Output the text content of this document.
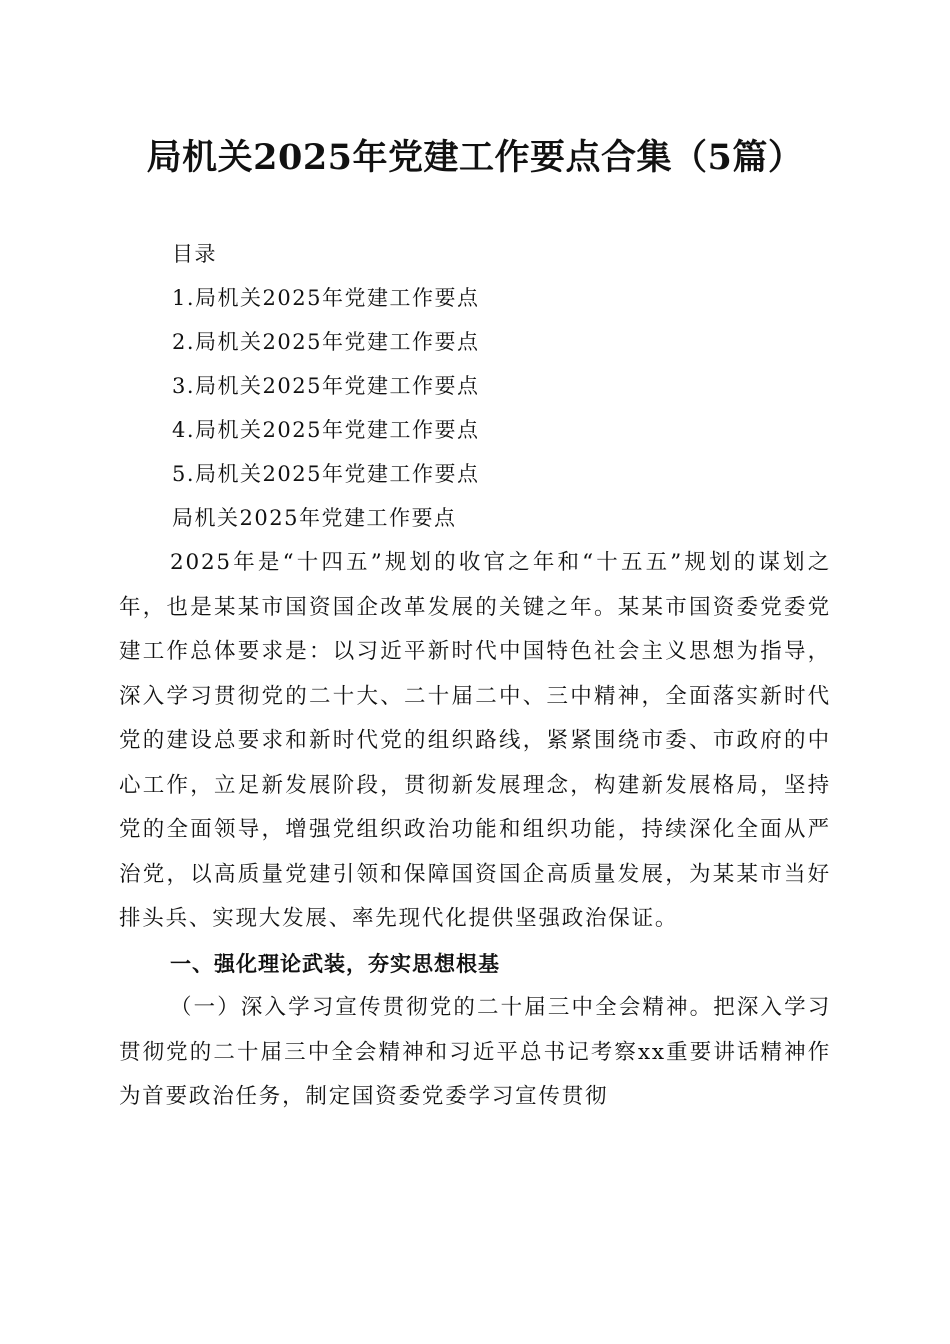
局机关2025年党建工作要点合集（5篇）
目录
1.局机关2025年党建工作要点
2.局机关2025年党建工作要点
3.局机关2025年党建工作要点
4.局机关2025年党建工作要点
5.局机关2025年党建工作要点
局机关2025年党建工作要点

2025年是“十四五”规划的收官之年和“十五五”规划的谋划之年，也是某某市国资国企改革发展的关键之年。某某市国资委党委党建工作总体要求是：以习近平新时代中国特色社会主义思想为指导，深入学习贯彻党的二十大、二十届二中、三中精神，全面落实新时代党的建设总要求和新时代党的组织路线，紧紧围绕市委、市政府的中心工作，立足新发展阶段，贯彻新发展理念，构建新发展格局，坚持党的全面领导，增强党组织政治功能和组织功能，持续深化全面从严治党，以高质量党建引领和保障国资国企高质量发展，为某某市当好排头兵、实现大发展、率先现代化提供坚强政治保证。

一、强化理论武装，夯实思想根基

（一）深入学习宣传贯彻党的二十届三中全会精神。把深入学习贯彻党的二十届三中全会精神和习近平总书记考察xx重要讲话精神作为首要政治任务，制定国资委党委学习宣传贯彻
